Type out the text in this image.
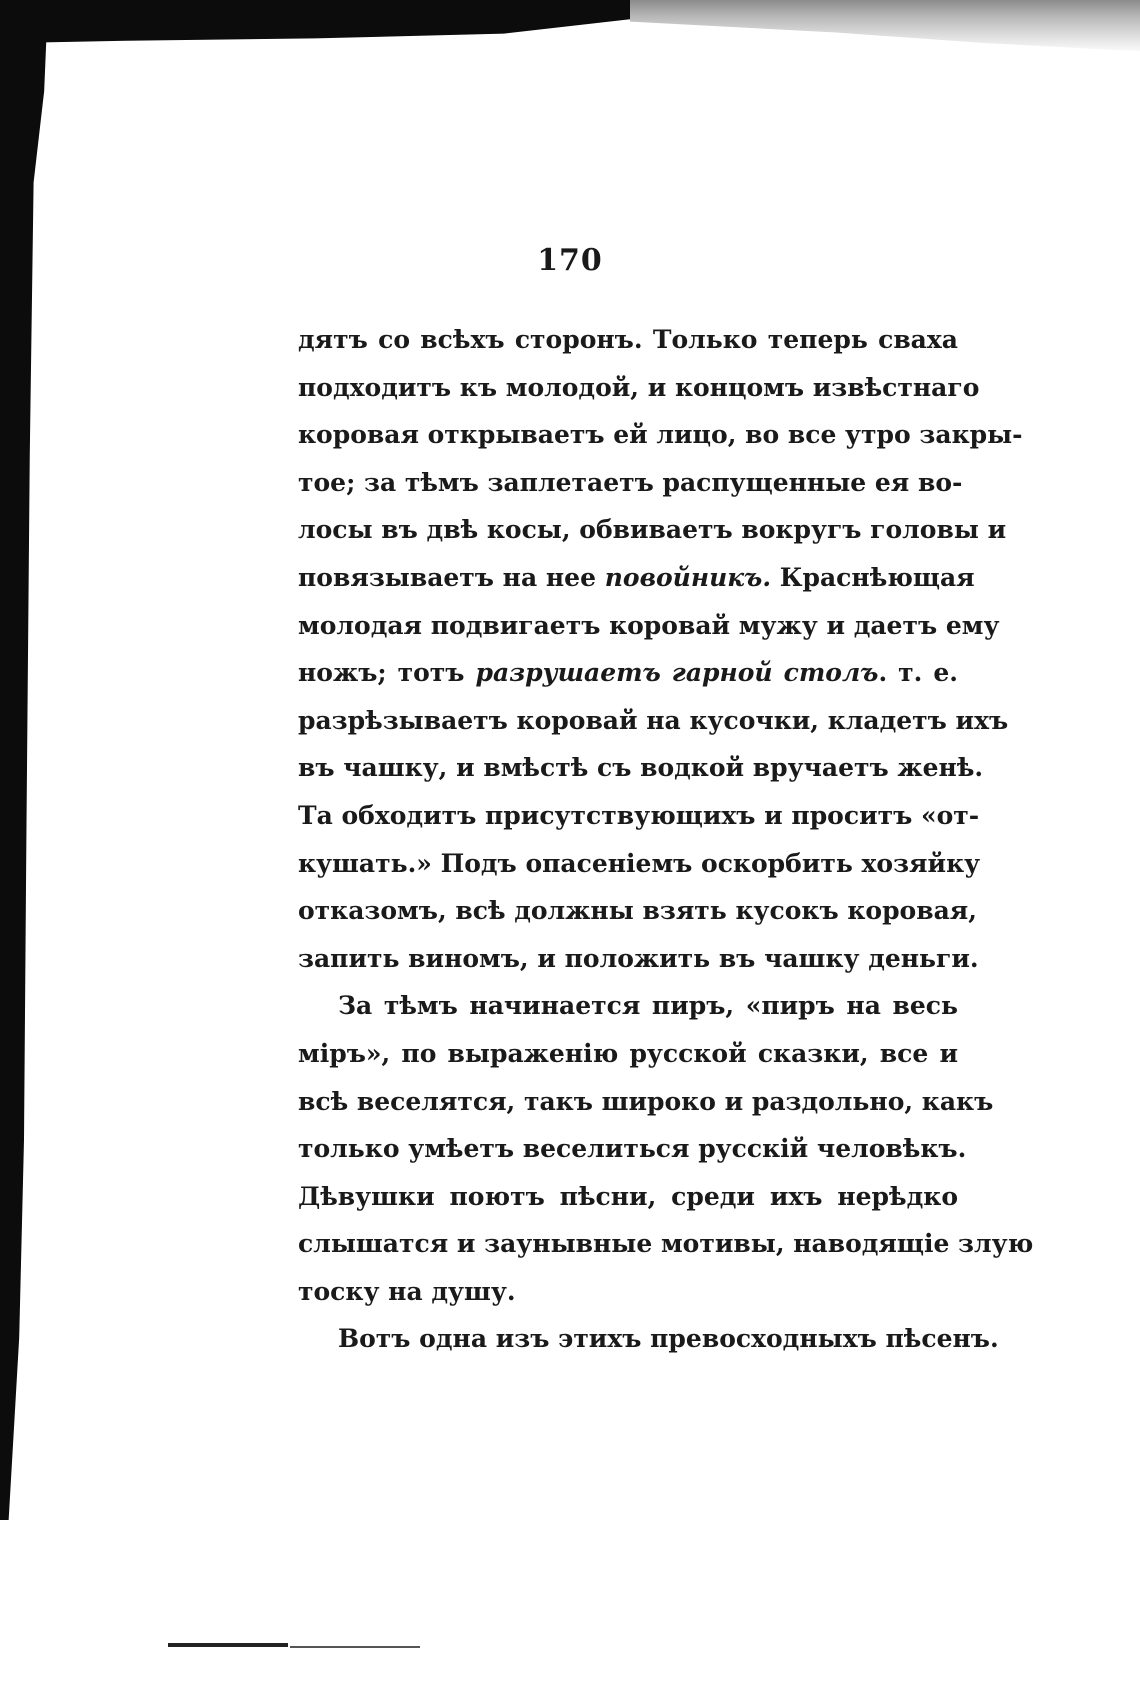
170
дятъ со всѣхъ сторонъ. Только теперь сваха
подходитъ къ молодой, и концомъ извѣстнаго
коровая открываетъ ей лицо, во все утро закры-
тое; за тѣмъ заплетаетъ распущенные ея во-
лосы въ двѣ косы, обвиваетъ вокругъ головы и
повязываетъ на нее повойникъ. Краснѣющая
молодая подвигаетъ коровай мужу и даетъ ему
ножъ; тотъ разрушаетъ гарной столъ. т. е.
разрѣзываетъ коровай на кусочки, кладетъ ихъ
въ чашку, и вмѣстѣ съ водкой вручаетъ женѣ.
Та обходитъ присутствующихъ и проситъ «от-
кушать.» Подъ опасеніемъ оскорбить хозяйку
отказомъ, всѣ должны взять кусокъ коровая,
запить виномъ, и положить въ чашку деньги.
За тѣмъ начинается пиръ, «пиръ на весь
міръ», по выраженію русской сказки, все и
всѣ веселятся, такъ широко и раздольно, какъ
только умѣетъ веселиться русскій человѣкъ.
Дѣвушки поютъ пѣсни, среди ихъ нерѣдко
слышатся и заунывные мотивы, наводящіе злую
тоску на душу.
Вотъ одна изъ этихъ превосходныхъ пѣсенъ.
